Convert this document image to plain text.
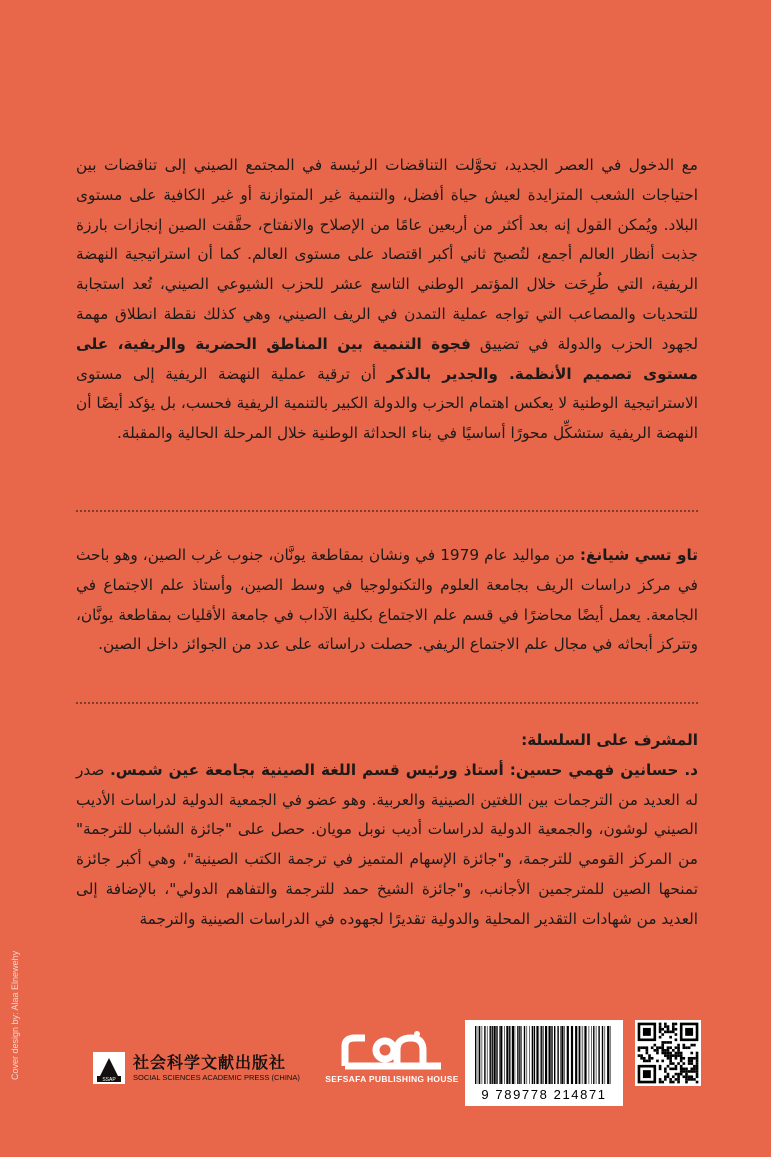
مع الدخول في العصر الجديد، تحوَّلت التناقضات الرئيسة في المجتمع الصيني إلى تناقضات بين احتياجات الشعب المتزايدة لعيش حياة أفضل، والتنمية غير المتوازنة أو غير الكافية على مستوى البلاد. ويُمكن القول إنه بعد أكثر من أربعين عامًا من الإصلاح والانفتاح، حقَّقت الصين إنجازات بارزة جذبت أنظار العالم أجمع، لتُصبح ثاني أكبر اقتصاد على مستوى العالم. كما أن استراتيجية النهضة الريفية، التي طُرِحَت خلال المؤتمر الوطني التاسع عشر للحزب الشيوعي الصيني، تُعد استجابة للتحديات والمصاعب التي تواجه عملية التمدن في الريف الصيني، وهي كذلك نقطة انطلاق مهمة لجهود الحزب والدولة في تضييق فجوة التنمية بين المناطق الحضرية والريفية، على مستوى تصميم الأنظمة. والجدير بالذكر أن ترقية عملية النهضة الريفية إلى مستوى الاستراتيجية الوطنية لا يعكس اهتمام الحزب والدولة الكبير بالتنمية الريفية فحسب، بل يؤكد أيضًا أن النهضة الريفية ستشكِّل محورًا أساسيًا في بناء الحداثة الوطنية خلال المرحلة الحالية والمقبلة.

تاو تسي شيانغ: من مواليد عام 1979 في ونشان بمقاطعة يونَّان، جنوب غرب الصين، وهو باحث في مركز دراسات الريف بجامعة العلوم والتكنولوجيا في وسط الصين، وأستاذ علم الاجتماع في الجامعة. يعمل أيضًا محاضرًا في قسم علم الاجتماع بكلية الآداب في جامعة الأقليات بمقاطعة يونَّان، وتتركز أبحاثه في مجال علم الاجتماع الريفي. حصلت دراساته على عدد من الجوائز داخل الصين.

المشرف على السلسلة:

د. حسانين فهمي حسين: أستاذ ورئيس قسم اللغة الصينية بجامعة عين شمس. صدر له العديد من الترجمات بين اللغتين الصينية والعربية. وهو عضو في الجمعية الدولية لدراسات الأديب الصيني لوشون، والجمعية الدولية لدراسات أديب نوبل مويان. حصل على "جائزة الشباب للترجمة" من المركز القومي للترجمة، و"جائزة الإسهام المتميز في ترجمة الكتب الصينية"، وهي أكبر جائزة تمنحها الصين للمترجمين الأجانب، و"جائزة الشيخ حمد للترجمة والتفاهم الدولي"، بالإضافة إلى العديد من شهادات التقدير المحلية والدولية تقديرًا لجهوده في الدراسات الصينية والترجمة

Cover design by: Alaa Elnewehy	SSAP
社会科学文献出版社
SOCIAL SCIENCES ACADEMIC PRESS (CHINA)	SEFSAFA PUBLISHING HOUSE
9 789778 214871
